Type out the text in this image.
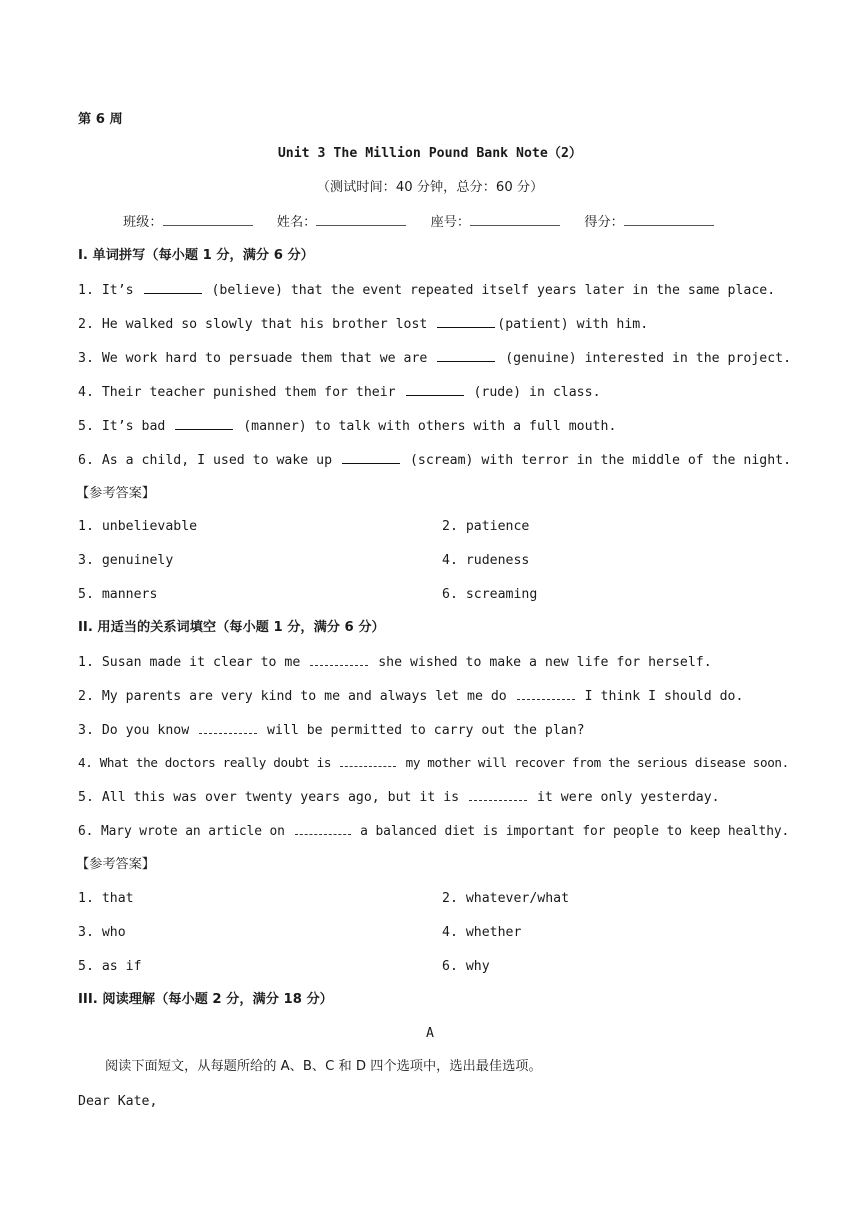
第 6 周
Unit 3 The Million Pound Bank Note（2）
（测试时间：40 分钟，总分：60 分）
班级：	姓名：	座号：	得分：
I. 单词拼写（每小题 1 分，满分 6 分）
1. It’s	(believe) that the event repeated itself years later in the same place.
2. He walked so slowly that his brother lost	(patient) with him.
3. We work hard to persuade them that we are	(genuine) interested in the project.
4. Their teacher punished them for their	(rude) in class.
5. It’s bad	(manner) to talk with others with a full mouth.
6. As a child, I used to wake up	(scream) with terror in the middle of the night.
【参考答案】
1. unbelievable	2. patience
3. genuinely	4. rudeness
5. manners	6. screaming
II. 用适当的关系词填空（每小题 1 分，满分 6 分）
1. Susan made it clear to me	she wished to make a new life for herself.
2. My parents are very kind to me and always let me do	I think I should do.
3. Do you know	will be permitted to carry out the plan?
4. What the doctors really doubt is	my mother will recover from the serious disease soon.
5. All this was over twenty years ago, but it is	it were only yesterday.
6. Mary wrote an article on	a balanced diet is important for people to keep healthy.
【参考答案】
1. that	2. whatever/what
3. who	4. whether
5. as if	6. why
III. 阅读理解（每小题 2 分，满分 18 分）
A
阅读下面短文，从每题所给的 A、B、C 和 D 四个选项中，选出最佳选项。
Dear Kate,
